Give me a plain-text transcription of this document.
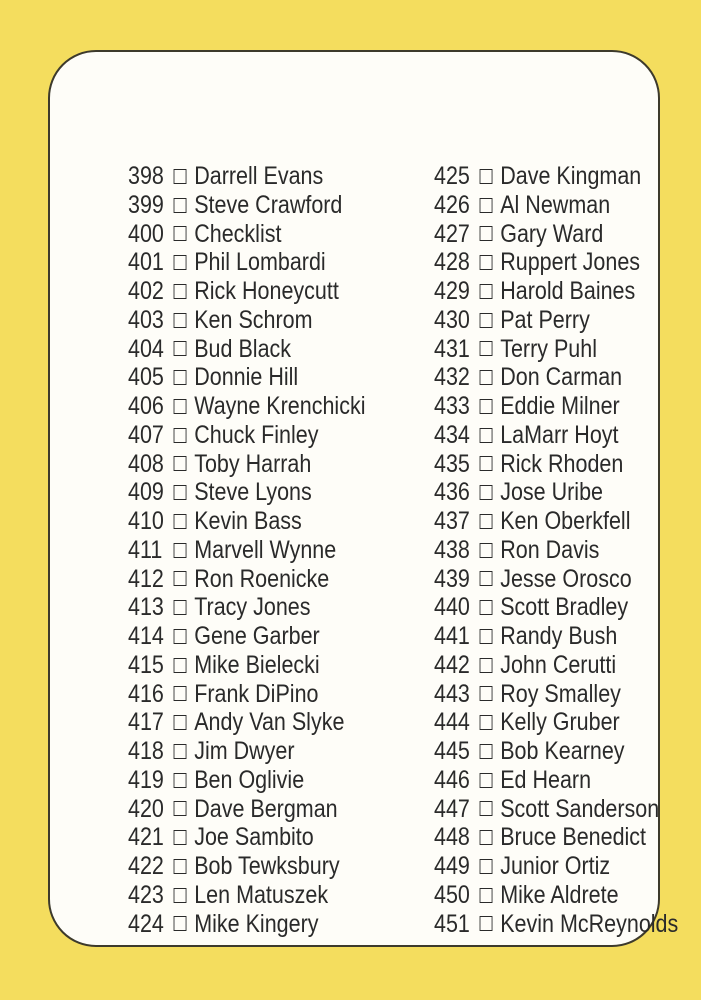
398 Darrell Evans
399 Steve Crawford
400 Checklist
401 Phil Lombardi
402 Rick Honeycutt
403 Ken Schrom
404 Bud Black
405 Donnie Hill
406 Wayne Krenchicki
407 Chuck Finley
408 Toby Harrah
409 Steve Lyons
410 Kevin Bass
411 Marvell Wynne
412 Ron Roenicke
413 Tracy Jones
414 Gene Garber
415 Mike Bielecki
416 Frank DiPino
417 Andy Van Slyke
418 Jim Dwyer
419 Ben Oglivie
420 Dave Bergman
421 Joe Sambito
422 Bob Tewksbury
423 Len Matuszek
424 Mike Kingery
425 Dave Kingman
426 Al Newman
427 Gary Ward
428 Ruppert Jones
429 Harold Baines
430 Pat Perry
431 Terry Puhl
432 Don Carman
433 Eddie Milner
434 LaMarr Hoyt
435 Rick Rhoden
436 Jose Uribe
437 Ken Oberkfell
438 Ron Davis
439 Jesse Orosco
440 Scott Bradley
441 Randy Bush
442 John Cerutti
443 Roy Smalley
444 Kelly Gruber
445 Bob Kearney
446 Ed Hearn
447 Scott Sanderson
448 Bruce Benedict
449 Junior Ortiz
450 Mike Aldrete
451 Kevin McReynolds
